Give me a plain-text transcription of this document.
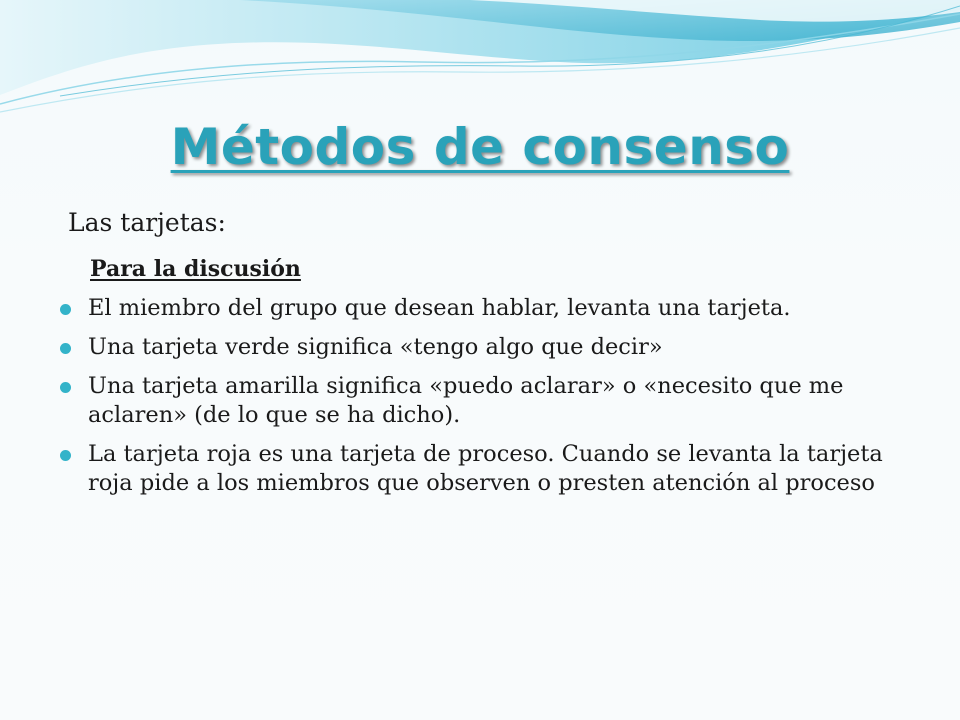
Métodos de consenso
Las tarjetas:
Para la discusión
El miembro del grupo que desean hablar, levanta una tarjeta.
Una tarjeta verde significa «tengo algo que decir»
Una tarjeta amarilla significa «puedo aclarar» o «necesito que me aclaren» (de lo que se ha dicho).
La tarjeta roja es una tarjeta de proceso. Cuando se levanta la tarjeta roja pide a los miembros que observen o presten atención al proceso
